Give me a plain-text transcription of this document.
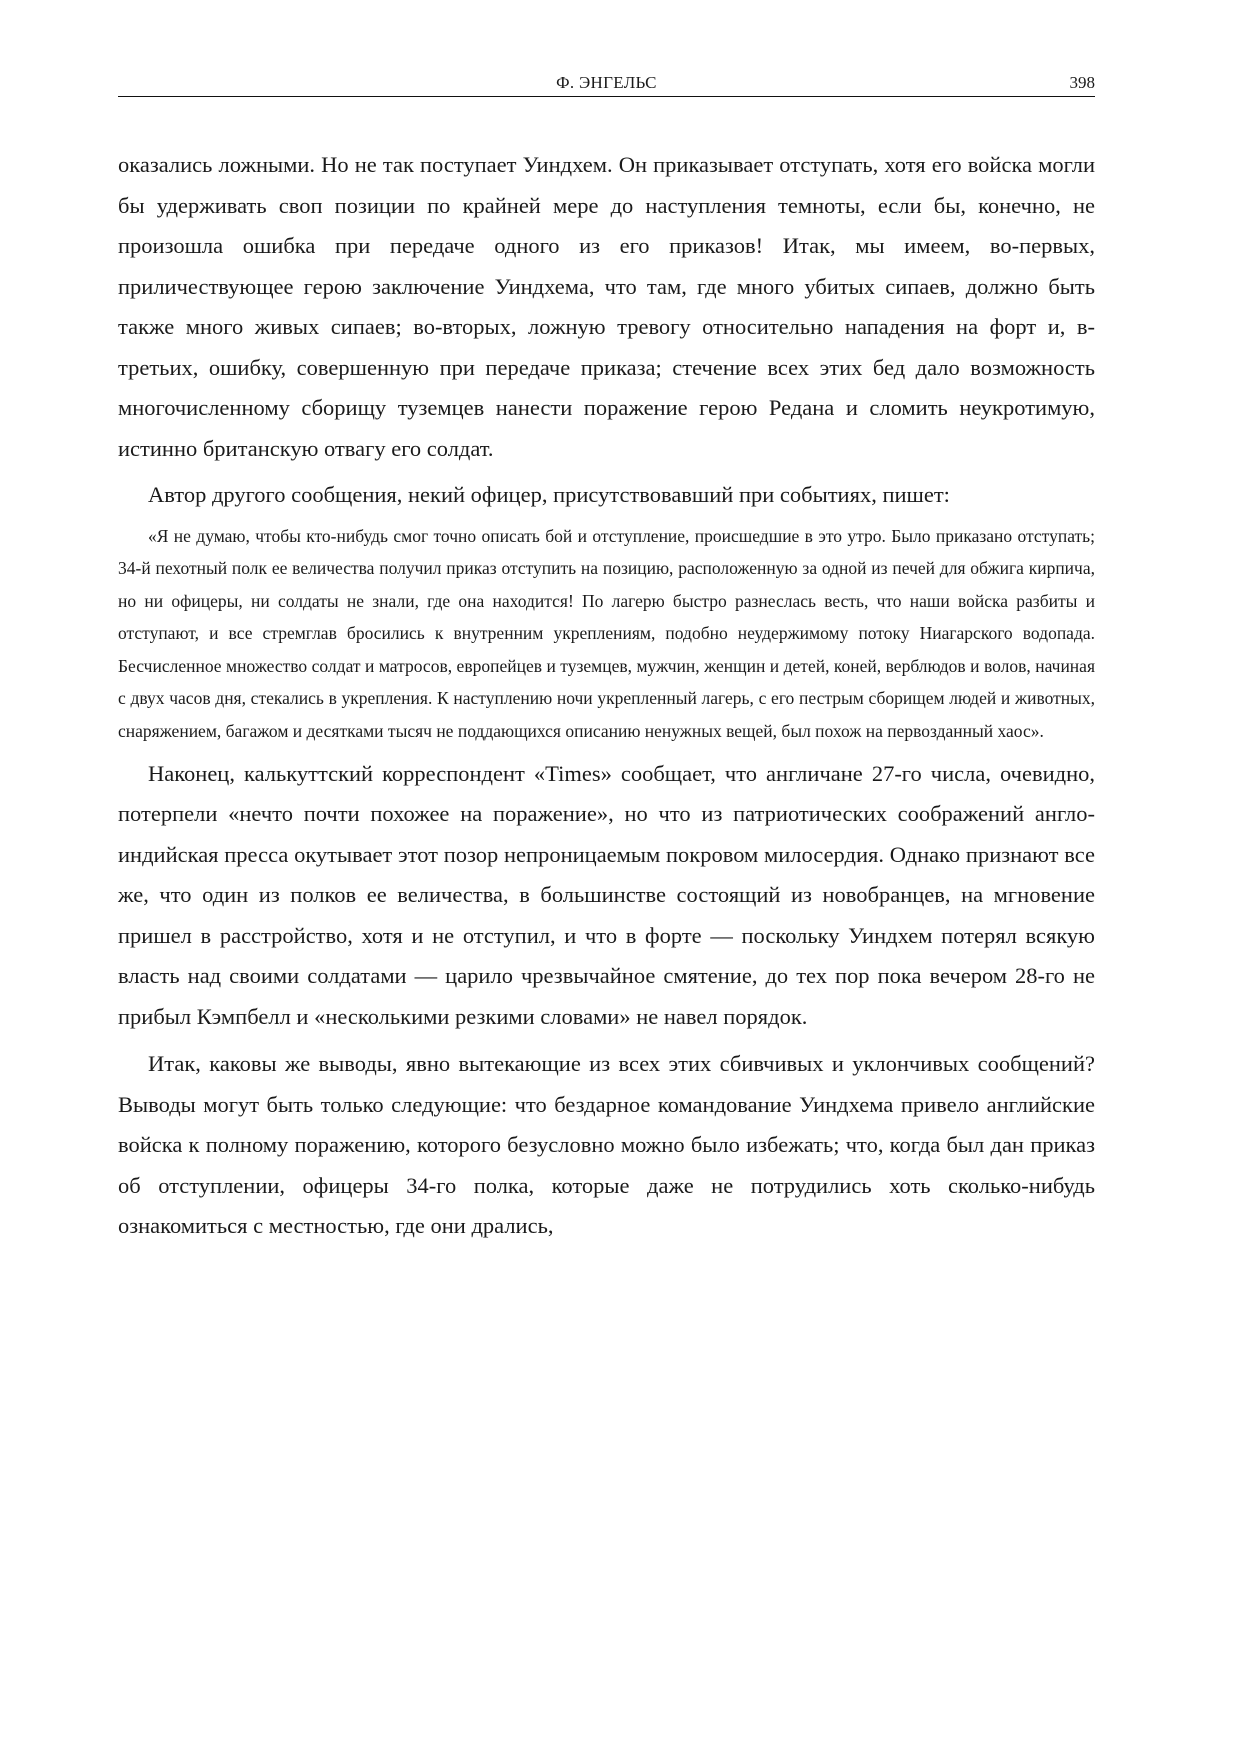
Ф. ЭНГЕЛЬС	398

оказались ложными. Но не так поступает Уиндхем. Он приказывает отступать, хотя его войска могли бы удерживать своп позиции по крайней мере до наступления темноты, если бы, конечно, не произошла ошибка при передаче одного из его приказов! Итак, мы имеем, во-первых, приличествующее герою заключение Уиндхема, что там, где много убитых сипаев, должно быть также много живых сипаев; во-вторых, ложную тревогу относительно нападения на форт и, в-третьих, ошибку, совершенную при передаче приказа; стечение всех этих бед дало возможность многочисленному сборищу туземцев нанести поражение герою Редана и сломить неукротимую, истинно британскую отвагу его солдат.

Автор другого сообщения, некий офицер, присутствовавший при событиях, пишет:

«Я не думаю, чтобы кто-нибудь смог точно описать бой и отступление, происшедшие в это утро. Было приказано отступать; 34-й пехотный полк ее величества получил приказ отступить на позицию, расположенную за одной из печей для обжига кирпича, но ни офицеры, ни солдаты не знали, где она находится! По лагерю быстро разнеслась весть, что наши войска разбиты и отступают, и все стремглав бросились к внутренним укреплениям, подобно неудержимому потоку Ниагарского водопада. Бесчисленное множество солдат и матросов, европейцев и туземцев, мужчин, женщин и детей, коней, верблюдов и волов, начиная с двух часов дня, стекались в укрепления. К наступлению ночи укрепленный лагерь, с его пестрым сборищем людей и животных, снаряжением, багажом и десятками тысяч не поддающихся описанию ненужных вещей, был похож на первозданный хаос».

Наконец, калькуттский корреспондент «Times» сообщает, что англичане 27-го числа, очевидно, потерпели «нечто почти похожее на поражение», но что из патриотических соображений англо-индийская пресса окутывает этот позор непроницаемым покровом милосердия. Однако признают все же, что один из полков ее величества, в большинстве состоящий из новобранцев, на мгновение пришел в расстройство, хотя и не отступил, и что в форте — поскольку Уиндхем потерял всякую власть над своими солдатами — царило чрезвычайное смятение, до тех пор пока вечером 28-го не прибыл Кэмпбелл и «несколькими резкими словами» не навел порядок.

Итак, каковы же выводы, явно вытекающие из всех этих сбивчивых и уклончивых сообщений? Выводы могут быть только следующие: что бездарное командование Уиндхема привело английские войска к полному поражению, которого безусловно можно было избежать; что, когда был дан приказ об отступлении, офицеры 34-го полка, которые даже не потрудились хоть сколько-нибудь ознакомиться с местностью, где они дрались,
